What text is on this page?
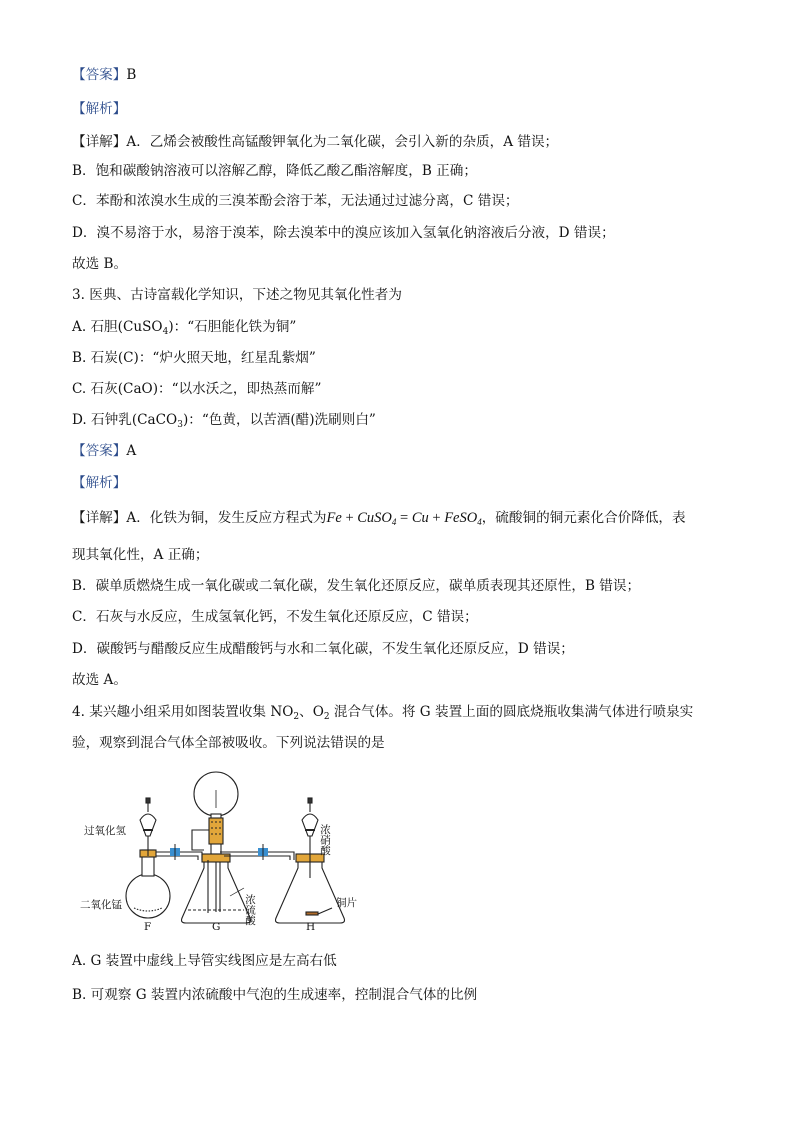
【答案】B
【解析】
【详解】A．乙烯会被酸性高锰酸钾氧化为二氧化碳，会引入新的杂质，A 错误；
B．饱和碳酸钠溶液可以溶解乙醇，降低乙酸乙酯溶解度，B 正确；
C．苯酚和浓溴水生成的三溴苯酚会溶于苯，无法通过过滤分离，C 错误；
D．溴不易溶于水，易溶于溴苯，除去溴苯中的溴应该加入氢氧化钠溶液后分液，D 错误；
故选 B。
3. 医典、古诗富载化学知识，下述之物见其氧化性者为
A. 石胆(CuSO$_4$)：“石胆能化铁为铜”
B. 石炭(C)：“炉火照天地，红星乱紫烟”
C. 石灰(CaO)：“以水沃之，即热蒸而解”
D. 石钟乳(CaCO$_3$)：“色黄，以苦酒(醋)洗刷则白”
【答案】A
【解析】
【详解】A．化铁为铜，发生反应方程式为Fe + CuSO$_4$ = Cu + FeSO$_4$，硫酸铜的铜元素化合价降低，表
现其氧化性，A 正确；
B．碳单质燃烧生成一氧化碳或二氧化碳，发生氧化还原反应，碳单质表现其还原性，B 错误；
C．石灰与水反应，生成氢氧化钙，不发生氧化还原反应，C 错误；
D．碳酸钙与醋酸反应生成醋酸钙与水和二氧化碳，不发生氧化还原反应，D 错误；
故选 A。
4. 某兴趣小组采用如图装置收集 $NO_2$、$O_2$ 混合气体。将 G 装置上面的圆底烧瓶收集满气体进行喷泉实
验，观察到混合气体全部被吸收。下列说法错误的是
过氧化氢
二氧化锰
F	G	H
铜片
浓硫酸
浓硝酸
A. G 装置中虚线上导管实线图应是左高右低
B. 可观察 G 装置内浓硫酸中气泡的生成速率，控制混合气体的比例
